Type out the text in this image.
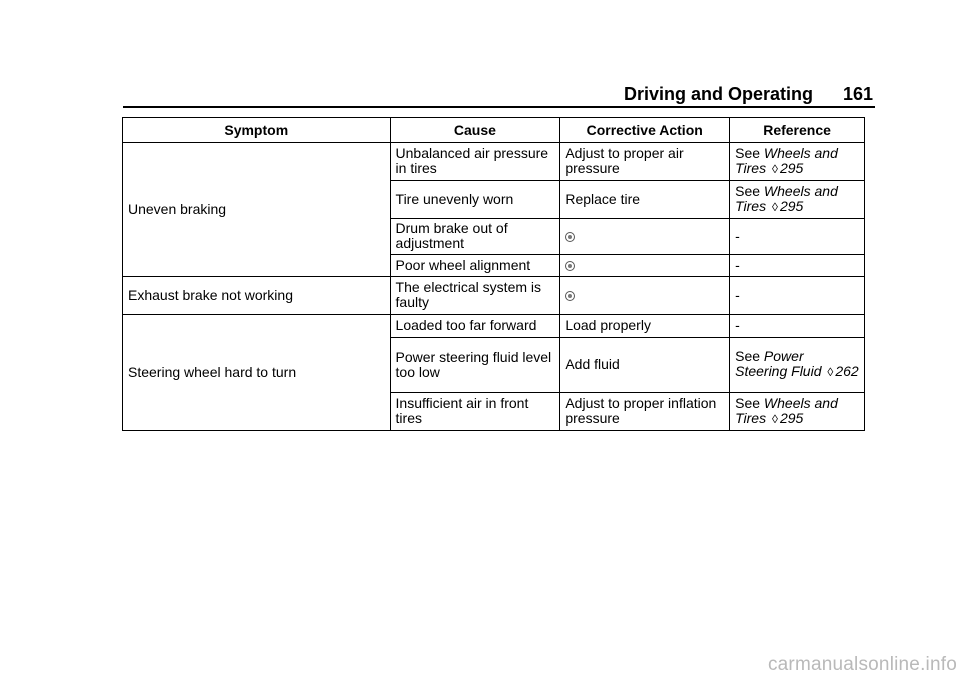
Driving and Operating 161
Symptom	Cause	Corrective Action	Reference
Uneven braking	Unbalanced air pressure in tires	Adjust to proper air pressure	See Wheels and Tires ◊ 295
	Tire unevenly worn	Replace tire	See Wheels and Tires ◊ 295
	Drum brake out of adjustment		-
	Poor wheel alignment		-
Exhaust brake not working	The electrical system is faulty		-
Steering wheel hard to turn	Loaded too far forward	Load properly	-
	Power steering fluid level too low	Add fluid	See Power Steering Fluid ◊ 262
	Insufficient air in front tires	Adjust to proper inflation pressure	See Wheels and Tires ◊ 295
carmanualsonline.info
